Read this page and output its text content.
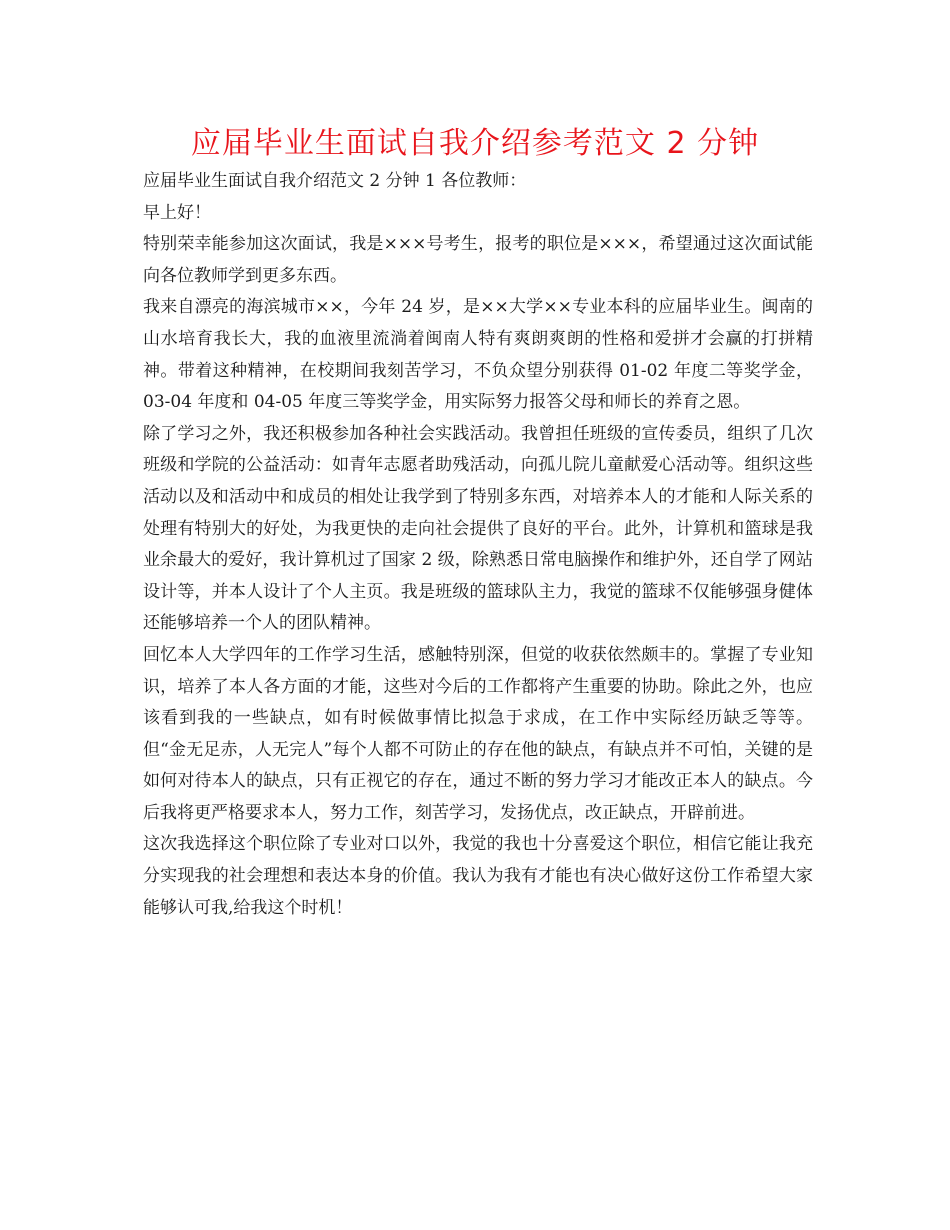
应届毕业生面试自我介绍参考范文 2 分钟

应届毕业生面试自我介绍范文 2 分钟 1 各位教师：

早上好！

特别荣幸能参加这次面试，我是×××号考生，报考的职位是×××，希望通过这次面试能向各位教师学到更多东西。

我来自漂亮的海滨城市××，今年 24 岁，是××大学××专业本科的应届毕业生。闽南的山水培育我长大，我的血液里流淌着闽南人特有爽朗爽朗的性格和爱拼才会赢的打拼精神。带着这种精神，在校期间我刻苦学习，不负众望分别获得 01-02 年度二等奖学金，03-04 年度和 04-05 年度三等奖学金，用实际努力报答父母和师长的养育之恩。

除了学习之外，我还积极参加各种社会实践活动。我曾担任班级的宣传委员，组织了几次班级和学院的公益活动：如青年志愿者助残活动，向孤儿院儿童献爱心活动等。组织这些活动以及和活动中和成员的相处让我学到了特别多东西，对培养本人的才能和人际关系的处理有特别大的好处，为我更快的走向社会提供了良好的平台。此外，计算机和篮球是我业余最大的爱好，我计算机过了国家 2 级，除熟悉日常电脑操作和维护外，还自学了网站设计等，并本人设计了个人主页。我是班级的篮球队主力，我觉的篮球不仅能够强身健体还能够培养一个人的团队精神。

回忆本人大学四年的工作学习生活，感触特别深，但觉的收获依然颇丰的。掌握了专业知识，培养了本人各方面的才能，这些对今后的工作都将产生重要的协助。除此之外，也应该看到我的一些缺点，如有时候做事情比拟急于求成，在工作中实际经历缺乏等等。但“金无足赤，人无完人”每个人都不可防止的存在他的缺点，有缺点并不可怕，关键的是如何对待本人的缺点，只有正视它的存在，通过不断的努力学习才能改正本人的缺点。今后我将更严格要求本人，努力工作，刻苦学习，发扬优点，改正缺点，开辟前进。

这次我选择这个职位除了专业对口以外，我觉的我也十分喜爱这个职位，相信它能让我充分实现我的社会理想和表达本身的价值。我认为我有才能也有决心做好这份工作希望大家能够认可我,给我这个时机！
